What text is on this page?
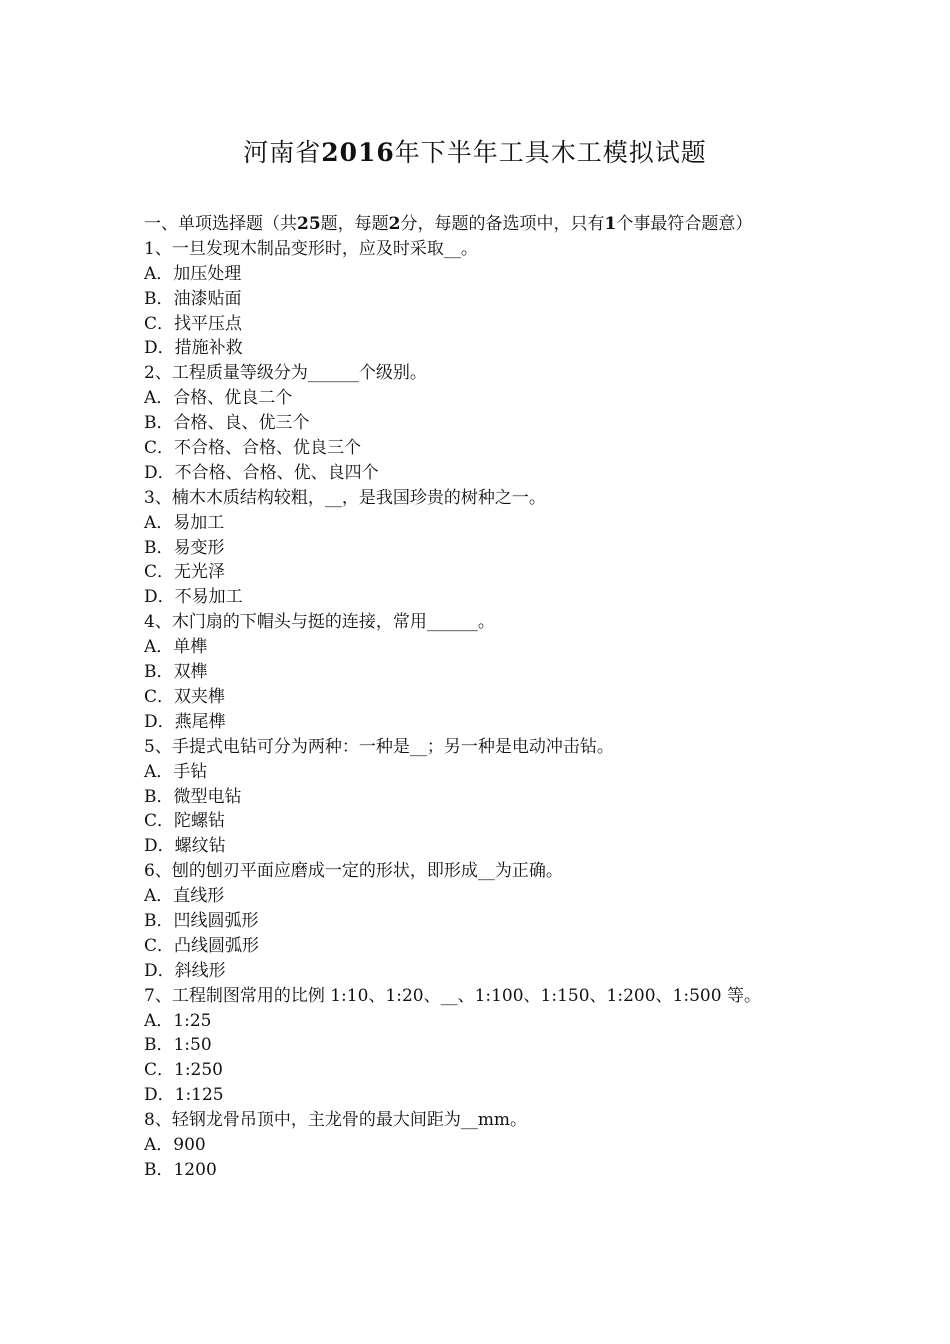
河南省2016年下半年工具木工模拟试题
一、单项选择题（共25题，每题2分，每题的备选项中，只有1个事最符合题意）
1、一旦发现木制品变形时，应及时采取__。
A．加压处理
B．油漆贴面
C．找平压点
D．措施补救
2、工程质量等级分为______个级别。
A．合格、优良二个
B．合格、良、优三个
C．不合格、合格、优良三个
D．不合格、合格、优、良四个
3、楠木木质结构较粗，__，是我国珍贵的树种之一。
A．易加工
B．易变形
C．无光泽
D．不易加工
4、木门扇的下帽头与挺的连接，常用______。
A．单榫
B．双榫
C．双夹榫
D．燕尾榫
5、手提式电钻可分为两种：一种是__；另一种是电动冲击钻。
A．手钻
B．微型电钻
C．陀螺钻
D．螺纹钻
6、刨的刨刃平面应磨成一定的形状，即形成__为正确。
A．直线形
B．凹线圆弧形
C．凸线圆弧形
D．斜线形
7、工程制图常用的比例 1:10、1:20、__、1:100、1:150、1:200、1:500 等。
A．1:25
B．1:50
C．1:250
D．1:125
8、轻钢龙骨吊顶中，主龙骨的最大间距为__mm。
A．900
B．1200
